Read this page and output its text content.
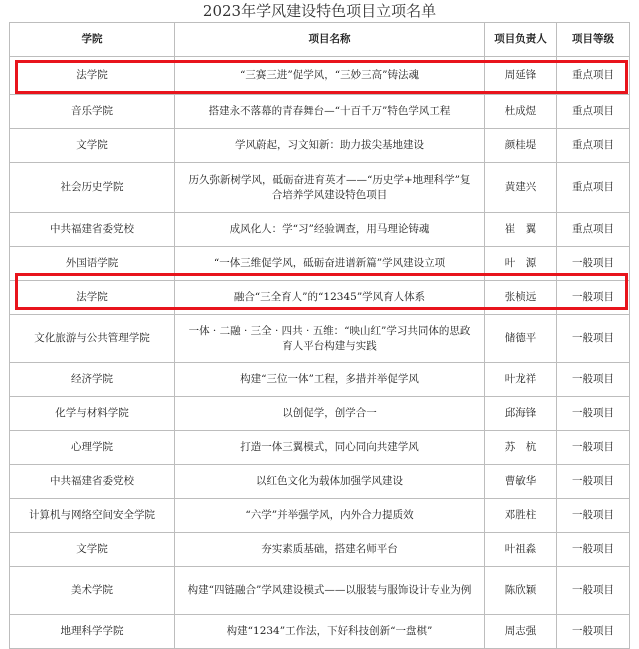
2023年学风建设特色项目立项名单
学院	项目名称	项目负责人	项目等级
法学院	“三赛三进”促学风，“三妙三高”铸法魂	周延锋	重点项目
音乐学院	搭建永不落幕的青春舞台—“十百千万”特色学风工程	杜成煜	重点项目
文学院	学风蔚起，习文知新：助力拔尖基地建设	颜桂堤	重点项目
社会历史学院	历久弥新树学风，砥砺奋进育英才——“历史学+地理科学”复合培养学风建设特色项目	黄建兴	重点项目
中共福建省委党校	成风化人：学“习”经验调查，用马理论铸魂	崔　翼	重点项目
外国语学院	“一体三维促学风，砥砺奋进谱新篇”学风建设立项	叶　源	一般项目
法学院	融合“三全育人”的“12345”学风育人体系	张桢远	一般项目
文化旅游与公共管理学院	一体 · 二融 · 三全 · 四共 · 五维：“映山红”学习共同体的思政育人平台构建与实践	储德平	一般项目
经济学院	构建“三位一体”工程，多措并举促学风	叶龙祥	一般项目
化学与材料学院	以创促学，创学合一	邱海锋	一般项目
心理学院	打造一体三翼模式，同心同向共建学风	苏　杭	一般项目
中共福建省委党校	以红色文化为载体加强学风建设	曹敏华	一般项目
计算机与网络空间安全学院	“六学”并举强学风，内外合力提质效	邓胜柱	一般项目
文学院	夯实素质基础，搭建名师平台	叶祖淼	一般项目
美术学院	构建“四链融合”学风建设模式——以服装与服饰设计专业为例	陈欣颖	一般项目
地理科学学院	构建“1234”工作法，下好科技创新“一盘棋”	周志强	一般项目
